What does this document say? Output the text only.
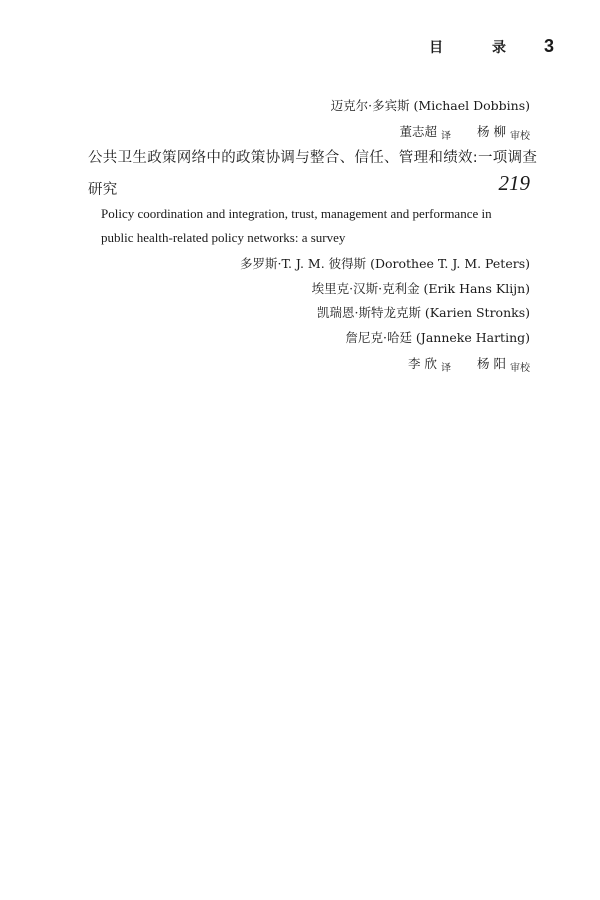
目 录 3
迈克尔·多宾斯 (Michael Dobbins)
董志超 译 杨 柳 审校
公共卫生政策网络中的政策协调与整合、信任、管理和绩效:一项调查
研究	219
Policy coordination and integration, trust, management and performance in
public health-related policy networks: a survey
多罗斯·T. J. M. 彼得斯 (Dorothee T. J. M. Peters)
埃里克·汉斯·克利金 (Erik Hans Klijn)
凯瑞恩·斯特龙克斯 (Karien Stronks)
詹尼克·哈廷 (Janneke Harting)
李 欣 译 杨 阳 审校
